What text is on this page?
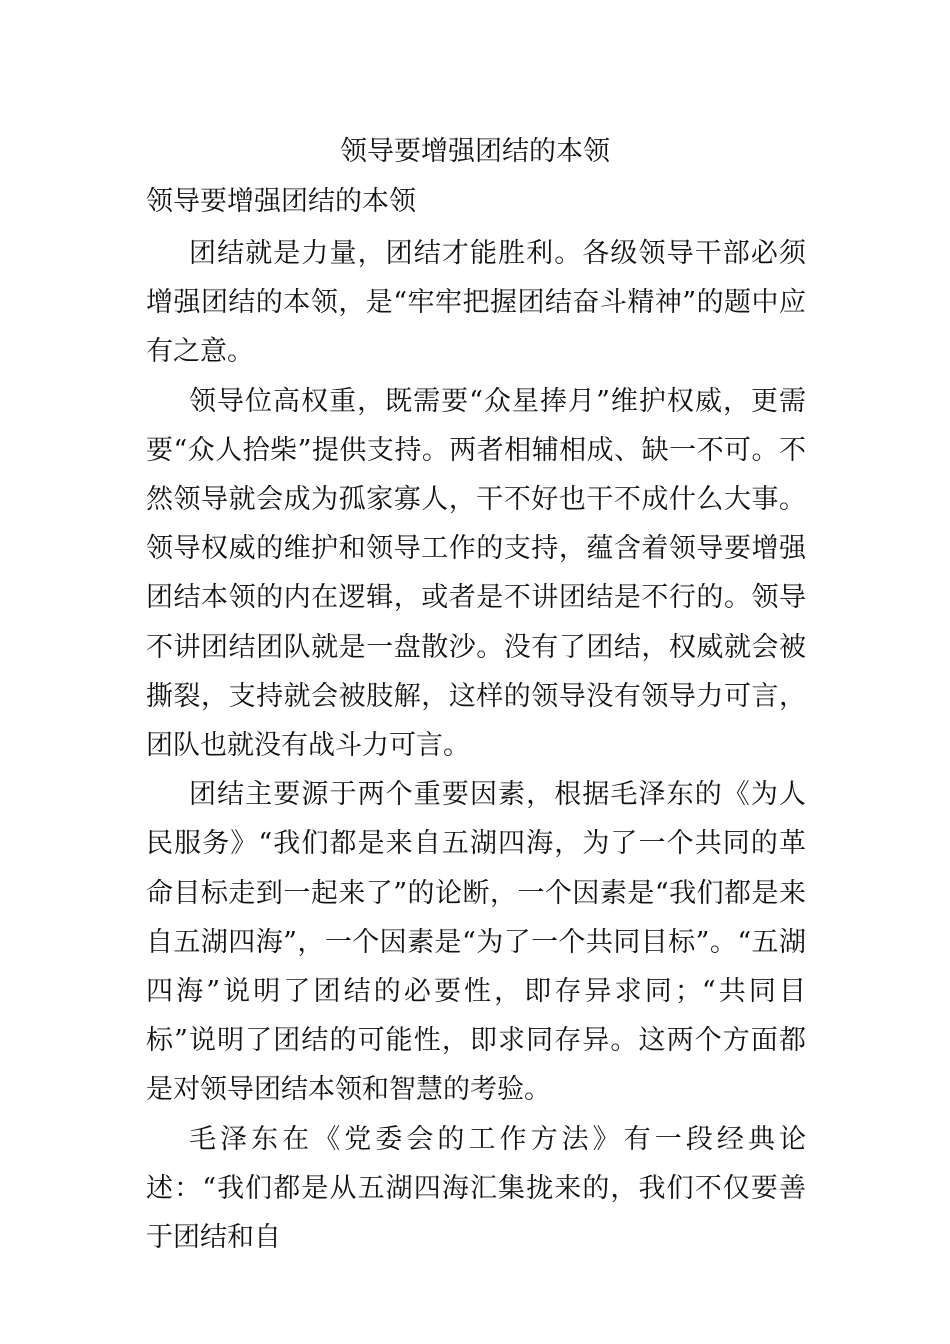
领导要增强团结的本领
领导要增强团结的本领

团结就是力量，团结才能胜利。各级领导干部必须增强团结的本领，是“牢牢把握团结奋斗精神”的题中应有之意。

领导位高权重，既需要“众星捧月”维护权威，更需要“众人拾柴”提供支持。两者相辅相成、缺一不可。不然领导就会成为孤家寡人，干不好也干不成什么大事。领导权威的维护和领导工作的支持，蕴含着领导要增强团结本领的内在逻辑，或者是不讲团结是不行的。领导不讲团结团队就是一盘散沙。没有了团结，权威就会被撕裂，支持就会被肢解，这样的领导没有领导力可言，团队也就没有战斗力可言。

团结主要源于两个重要因素，根据毛泽东的《为人民服务》“我们都是来自五湖四海，为了一个共同的革命目标走到一起来了”的论断，一个因素是“我们都是来自五湖四海”，一个因素是“为了一个共同目标”。“五湖四海”说明了团结的必要性，即存异求同；“共同目标”说明了团结的可能性，即求同存异。这两个方面都是对领导团结本领和智慧的考验。

毛泽东在《党委会的工作方法》有一段经典论述：“我们都是从五湖四海汇集拢来的，我们不仅要善于团结和自
